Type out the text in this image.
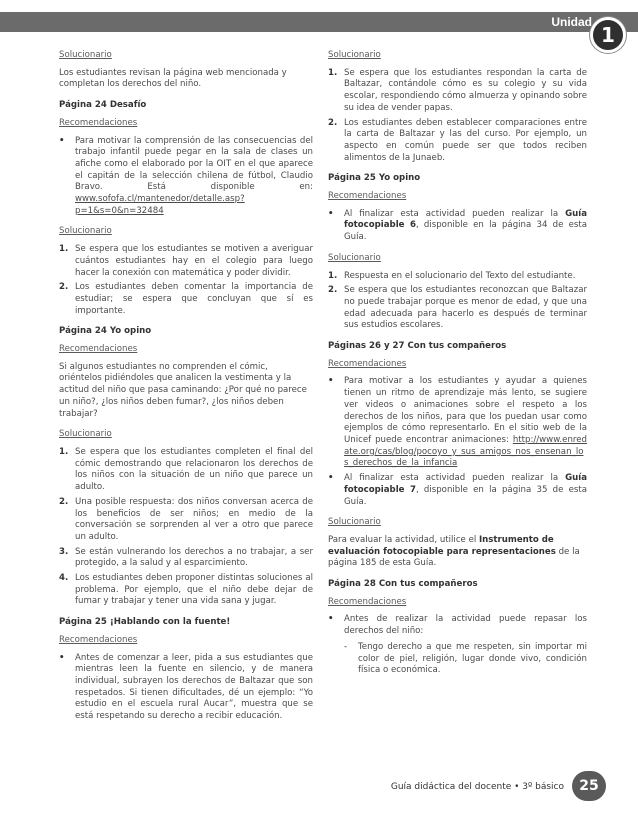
Unidad
1
Solucionario
Los estudiantes revisan la página web mencionada y completan los derechos del niño.
Página 24 Desafío
Recomendaciones
• Para motivar la comprensión de las consecuencias del trabajo infantil puede pegar en la sala de clases un afiche como el elaborado por la OIT en el que aparece el capitán de la selección chilena de fútbol, Claudio Bravo. Está disponible en: www.sofofa.cl/mantenedor/detalle.asp?p=1&s=0&n=32484
Solucionario
1. Se espera que los estudiantes se motiven a averiguar cuántos estudiantes hay en el colegio para luego hacer la conexión con matemática y poder dividir.
2. Los estudiantes deben comentar la importancia de estudiar; se espera que concluyan que sí es importante.
Página 24 Yo opino
Recomendaciones
Si algunos estudiantes no comprenden el cómic, oriéntelos pidiéndoles que analicen la vestimenta y la actitud del niño que pasa caminando: ¿Por qué no parece un niño?, ¿los niños deben fumar?, ¿los niños deben trabajar?
Solucionario
1. Se espera que los estudiantes completen el final del cómic demostrando que relacionaron los derechos de los niños con la situación de un niño que parece un adulto.
2. Una posible respuesta: dos niños conversan acerca de los beneficios de ser niños; en medio de la conversación se sorprenden al ver a otro que parece un adulto.
3. Se están vulnerando los derechos a no trabajar, a ser protegido, a la salud y al esparcimiento.
4. Los estudiantes deben proponer distintas soluciones al problema. Por ejemplo, que el niño debe dejar de fumar y trabajar y tener una vida sana y jugar.
Página 25 ¡Hablando con la fuente!
Recomendaciones
• Antes de comenzar a leer, pida a sus estudiantes que mientras leen la fuente en silencio, y de manera individual, subrayen los derechos de Baltazar que son respetados. Si tienen dificultades, dé un ejemplo: “Yo estudio en el escuela rural Aucar”, muestra que se está respetando su derecho a recibir educación.
Solucionario
1. Se espera que los estudiantes respondan la carta de Baltazar, contándole cómo es su colegio y su vida escolar, respondiendo cómo almuerza y opinando sobre su idea de vender papas.
2. Los estudiantes deben establecer comparaciones entre la carta de Baltazar y las del curso. Por ejemplo, un aspecto en común puede ser que todos reciben alimentos de la Junaeb.
Página 25 Yo opino
Recomendaciones
• Al finalizar esta actividad pueden realizar la Guía fotocopiable 6, disponible en la página 34 de esta Guía.
Solucionario
1. Respuesta en el solucionario del Texto del estudiante.
2. Se espera que los estudiantes reconozcan que Baltazar no puede trabajar porque es menor de edad, y que una edad adecuada para hacerlo es después de terminar sus estudios escolares.
Páginas 26 y 27 Con tus compañeros
Recomendaciones
• Para motivar a los estudiantes y ayudar a quienes tienen un ritmo de aprendizaje más lento, se sugiere ver videos o animaciones sobre el respeto a los derechos de los niños, para que los puedan usar como ejemplos de cómo representarlo. En el sitio web de la Unicef puede encontrar animaciones: http://www.enredate.org/cas/blog/pocoyo_y_sus_amigos_nos_ensenan_los_derechos_de_la_infancia
• Al finalizar esta actividad pueden realizar la Guía fotocopiable 7, disponible en la página 35 de esta Guía.
Solucionario
Para evaluar la actividad, utilice el Instrumento de evaluación fotocopiable para representaciones de la página 185 de esta Guía.
Página 28 Con tus compañeros
Recomendaciones
• Antes de realizar la actividad puede repasar los derechos del niño:
- Tengo derecho a que me respeten, sin importar mi color de piel, religión, lugar donde vivo, condición física o económica.
Guía didáctica del docente • 3º básico	25
